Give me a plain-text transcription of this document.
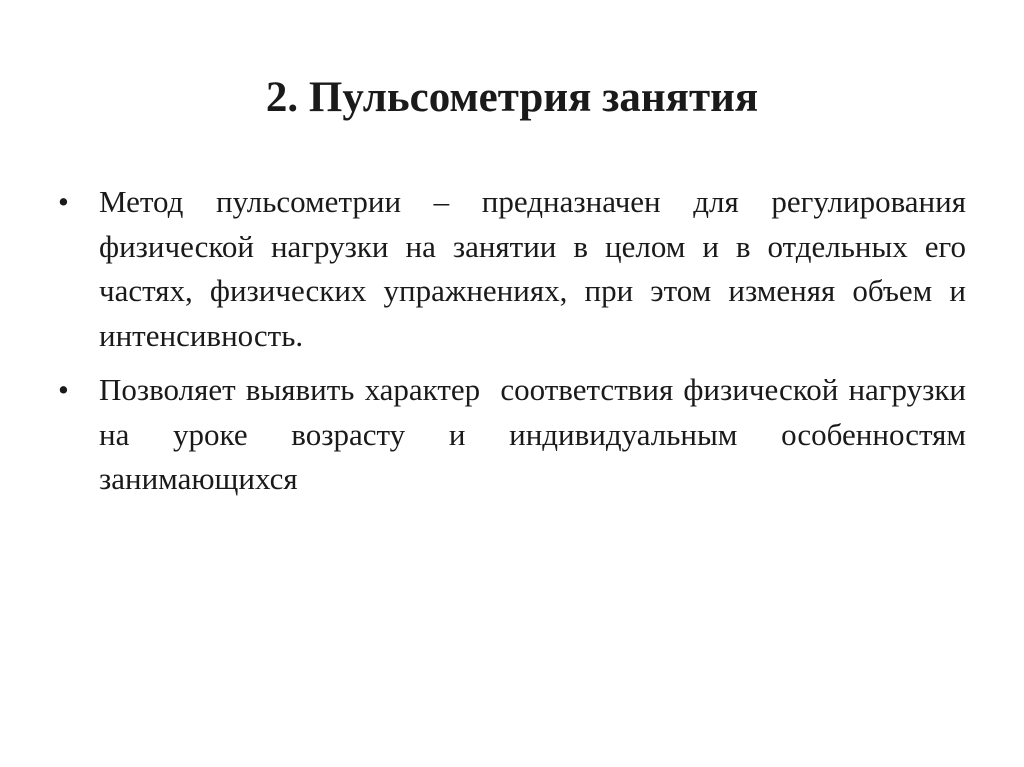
2. Пульсометрия занятия
• Метод пульсометрии – предназначен для регулирования физической нагрузки на занятии в целом и в отдельных его частях, физических упражнениях, при этом изменяя объем и интенсивность.
• Позволяет выявить характер  соответствия физической нагрузки на уроке возрасту и индивидуальным особенностям занимающихся
